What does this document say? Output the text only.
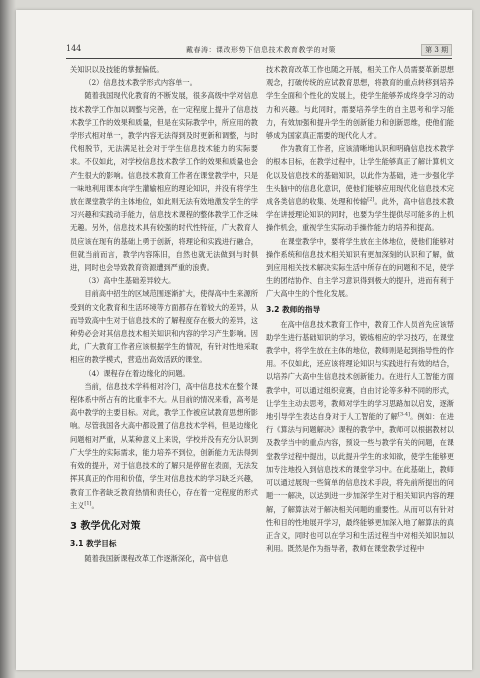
144	戴春涛：课改形势下信息技术教育教学的对策	第 3 期

关知识以及技能的掌握偏低。

（2）信息技术教学形式内容单一。

随着我国现代化教育的不断发展，很多高级中学对信息技术教学工作加以调整与完善，在一定程度上提升了信息技术教学工作的效果和质量，但是在实际教学中，所应用的教学形式相对单一，教学内容无法得到及时更新和调整，与时代相脱节，无法满足社会对于学生信息技术能力的实际要求。不仅如此，对学校信息技术教学工作的效果和质量也会产生很大的影响。信息技术教育工作者在课堂教学中，只是一味地利用课本向学生灌输相应的理论知识，并没有将学生放在课堂教学的主体地位，如此则无法有效地激发学生的学习兴趣和实践动手能力，信息技术课程的整体教学工作乏味无趣。另外，信息技术具有较强的时代性特征，广大教育人员应该在现有的基础上勇于创新，将理论和实践进行融合，但就当前而言，教学内容陈旧，自然也就无法做到与时俱进，同时也会导致教育资源遭到严重的浪费。

（3）高中生基础差异较大。

目前高中招生的区域范围逐渐扩大，使得高中生来源所受到的文化教育和生活环境等方面都存在着较大的差异，从而导致高中生对于信息技术的了解程度存在极大的差异，这种势必会对其信息技术相关知识和内容的学习产生影响。因此，广大教育工作者应该根据学生的情况，有针对性地采取相应的教学模式，营造出高效活跃的课堂。

（4）课程存在着边缘化的问题。

当前，信息技术学科相对冷门，高中信息技术在整个课程体系中所占有的比重非不大。从目前的情况来看，高考是高中教学的主要目标。对此，教学工作被应试教育思想所影响。尽管我国各大高中都设置了信息技术学科，但是边缘化问题相对严重，从某种意义上来说，学校并没有充分认识到广大学生的实际需求，能力培养不到位，创新能力无法得到有效的提升，对于信息技术的了解只是停留在表面，无法发挥其真正的作用和价值，学生对信息技术的学习缺乏兴趣，教育工作者缺乏教育热情和责任心，存在着一定程度的形式主义[1]。

3 教学优化对策
3.1 教学目标

随着我国新课程改革工作逐渐深化，高中信息

技术教育改革工作也随之开展，相关工作人员需要革新思想观念，打破传统的应试教育思想，将教育的重点转移到培养学生全面和个性化的发展上，使学生能够养成终身学习的动力和兴趣。与此同时，需要培养学生的自主思考和学习能力，有效加强和提升学生的创新能力和创新思维，使他们能够成为国家真正需要的现代化人才。

作为教育工作者，应该清晰地认识和明确信息技术教学的根本目标，在教学过程中，让学生能够真正了解计算机文化以及信息技术的基础知识，以此作为基础，进一步强化学生头脑中的信息化意识，使他们能够应用现代化信息技术完成各类信息的收集、处理和传输[2]。此外，高中信息技术教学在讲授理论知识的同时，也要为学生提供尽可能多的上机操作机会，重视学生实际动手操作能力的培养和提高。

在课堂教学中，要将学生放在主体地位，使他们能够对操作系统和信息技术相关知识有更加深刻的认识和了解，做到应用相关技术解决实际生活中所存在的问题和不足，使学生的团结协作、自主学习意识得到极大的提升，进而有利于广大高中生的个性化发展。

3.2 教师的指导

在高中信息技术教育工作中，教育工作人员首先应该帮助学生进行基础知识的学习，锻炼相应的学习技巧，在课堂教学中，将学生放在主体的地位，教师则是起到指导性的作用。不仅如此，还应该将理论知识与实践进行有效的结合，以培养广大高中生信息技术创新能力。在进行人工智能方面教学中，可以通过组织竞赛，自由讨论等多种不同的形式，让学生主动去思考，教师对学生的学习思路加以启发，逐渐地引导学生表达自身对于人工智能的了解[3-4]。例如：在进行《算法与问题解决》课程的教学中，教师可以根据教材以及教学当中的重点内容，预设一些与教学有关的问题，在课堂教学过程中提出，以此提升学生的求知欲，使学生能够更加专注地投入到信息技术的课堂学习中。在此基础上，教师可以通过展现一些简单的信息技术手段，将先前所提出的问题一一解决，以达到进一步加深学生对于相关知识内容的理解，了解算法对于解决相关问题的重要性。从而可以有针对性和目的性地展开学习，最终能够更加深入地了解算法的真正含义，同时也可以在学习和生活过程当中对相关知识加以利用。既然是作为指导者，教师在课堂教学过程中
